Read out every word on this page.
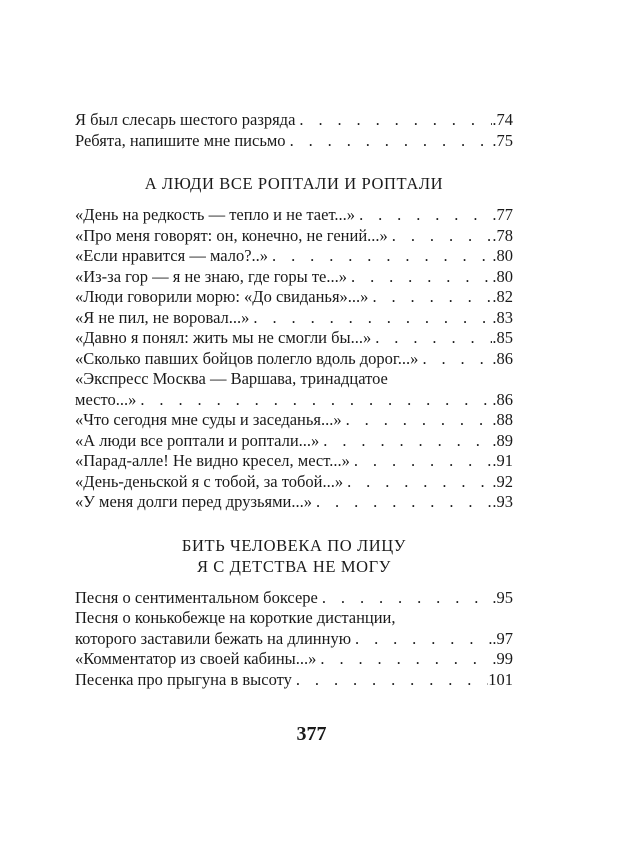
Я был слесарь шестого разряда . . .	.74
Ребята, напишите мне письмо . . .	.75

А ЛЮДИ ВСЕ РОПТАЛИ И РОПТАЛИ

«День на редкость — тепло и не тает...» . . .	77
«Про меня говорят: он, конечно, не гений...» . . .	.78
«Если нравится — мало?..» . . .	.80
«Из-за гор — я не знаю, где горы те...» . . .	.80
«Люди говорили морю: «До свиданья»...» . . .	.82
«Я не пил, не воровал...» . . .	.83
«Давно я понял: жить мы не смогли бы...» . . .	.85
«Сколько павших бойцов полегло вдоль дорог...» . . .	.86
«Экспресс Москва — Варшава, тринадцатое
место...» . . .	.86
«Что сегодня мне суды и заседанья...» . . .	.88
«А люди все роптали и роптали...» . . .	.89
«Парад-алле! Не видно кресел, мест...» . . .	.91
«День-деньской я с тобой, за тобой...» . . .	.92
«У меня долги перед друзьями...» . . .	.93

БИТЬ ЧЕЛОВЕКА ПО ЛИЦУ

Я С ДЕТСТВА НЕ МОГУ

Песня о сентиментальном боксере . . .	.95
Песня о конькобежце на короткие дистанции,
которого заставили бежать на длинную . . .	.97
«Комментатор из своей кабины...» . . .	.99
Песенка про прыгуна в высоту . . .	101
377
